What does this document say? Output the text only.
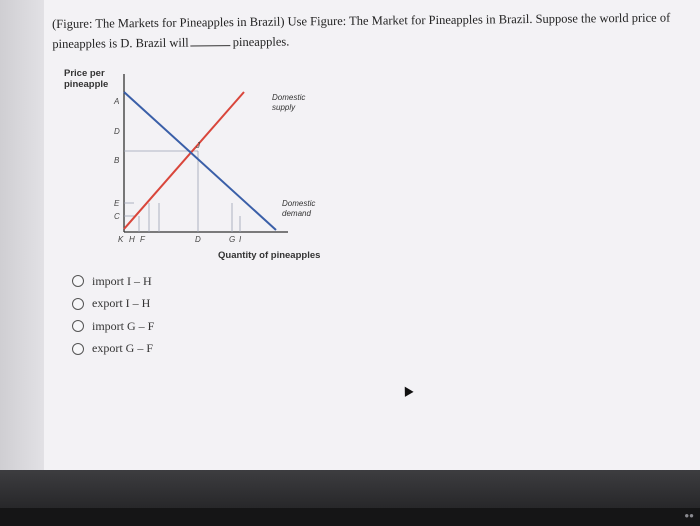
(Figure: The Markets for Pineapples in Brazil) Use Figure: The Market for Pineapples in Brazil. Suppose the world price of
pineapples is D. Brazil will	pineapples.
Price per
pineapple
Quantity of pineapples
A
D
B
E
C
K H F	D	G I
J
Domestic
supply
Domestic
demand
import I – H
export I – H
import G – F
export G – F
●●
